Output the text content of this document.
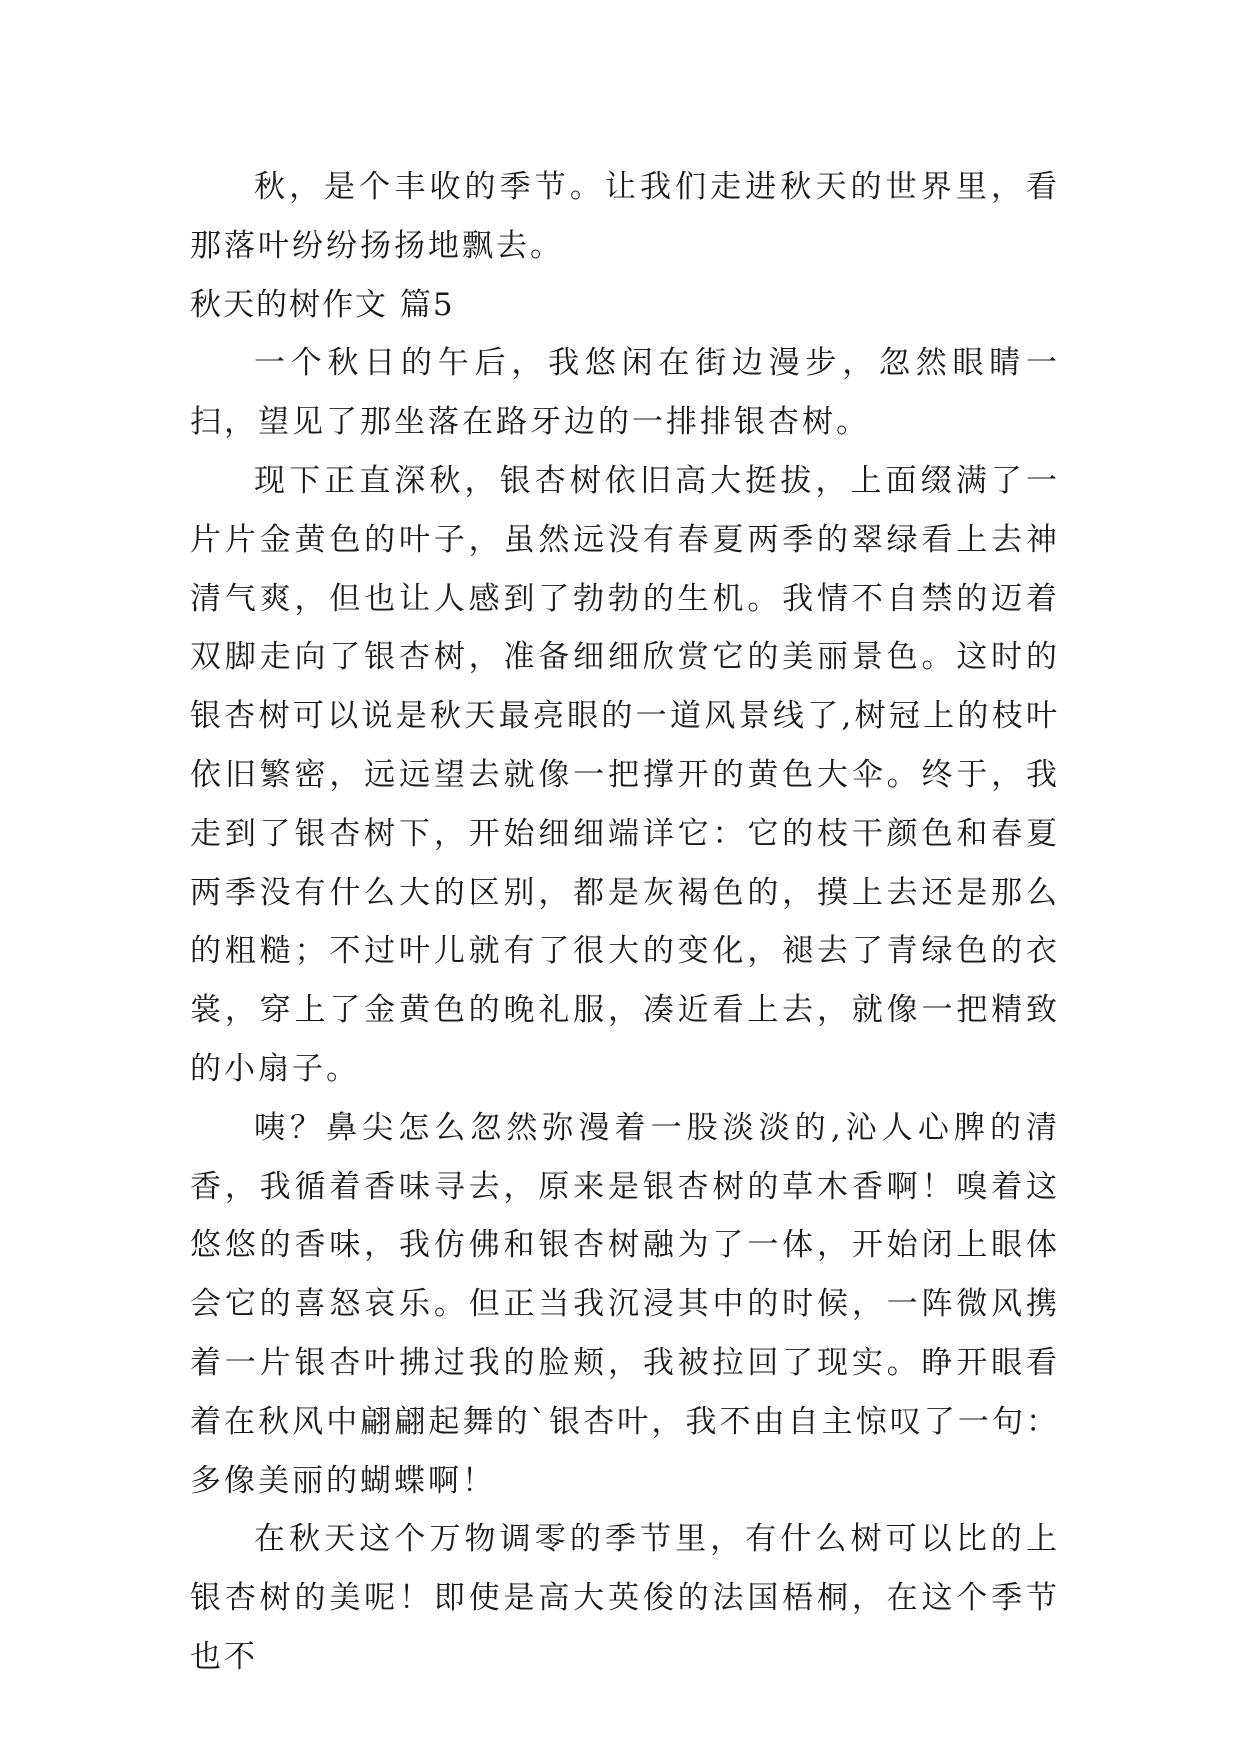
秋，是个丰收的季节。让我们走进秋天的世界里，看那落叶纷纷扬扬地飘去。

秋天的树作文 篇5

一个秋日的午后，我悠闲在街边漫步，忽然眼睛一扫，望见了那坐落在路牙边的一排排银杏树。

现下正直深秋，银杏树依旧高大挺拔，上面缀满了一片片金黄色的叶子，虽然远没有春夏两季的翠绿看上去神清气爽，但也让人感到了勃勃的生机。我情不自禁的迈着双脚走向了银杏树，准备细细欣赏它的美丽景色。这时的银杏树可以说是秋天最亮眼的一道风景线了,树冠上的枝叶依旧繁密，远远望去就像一把撑开的黄色大伞。终于，我走到了银杏树下，开始细细端详它：它的枝干颜色和春夏两季没有什么大的区别，都是灰褐色的，摸上去还是那么的粗糙；不过叶儿就有了很大的变化，褪去了青绿色的衣裳，穿上了金黄色的晚礼服，凑近看上去，就像一把精致的小扇子。

咦？鼻尖怎么忽然弥漫着一股淡淡的,沁人心脾的清香，我循着香味寻去，原来是银杏树的草木香啊！嗅着这悠悠的香味，我仿佛和银杏树融为了一体，开始闭上眼体会它的喜怒哀乐。但正当我沉浸其中的时候，一阵微风携着一片银杏叶拂过我的脸颊，我被拉回了现实。睁开眼看着在秋风中翩翩起舞的`银杏叶，我不由自主惊叹了一句：多像美丽的蝴蝶啊！

在秋天这个万物调零的季节里，有什么树可以比的上银杏树的美呢！即使是高大英俊的法国梧桐，在这个季节也不
